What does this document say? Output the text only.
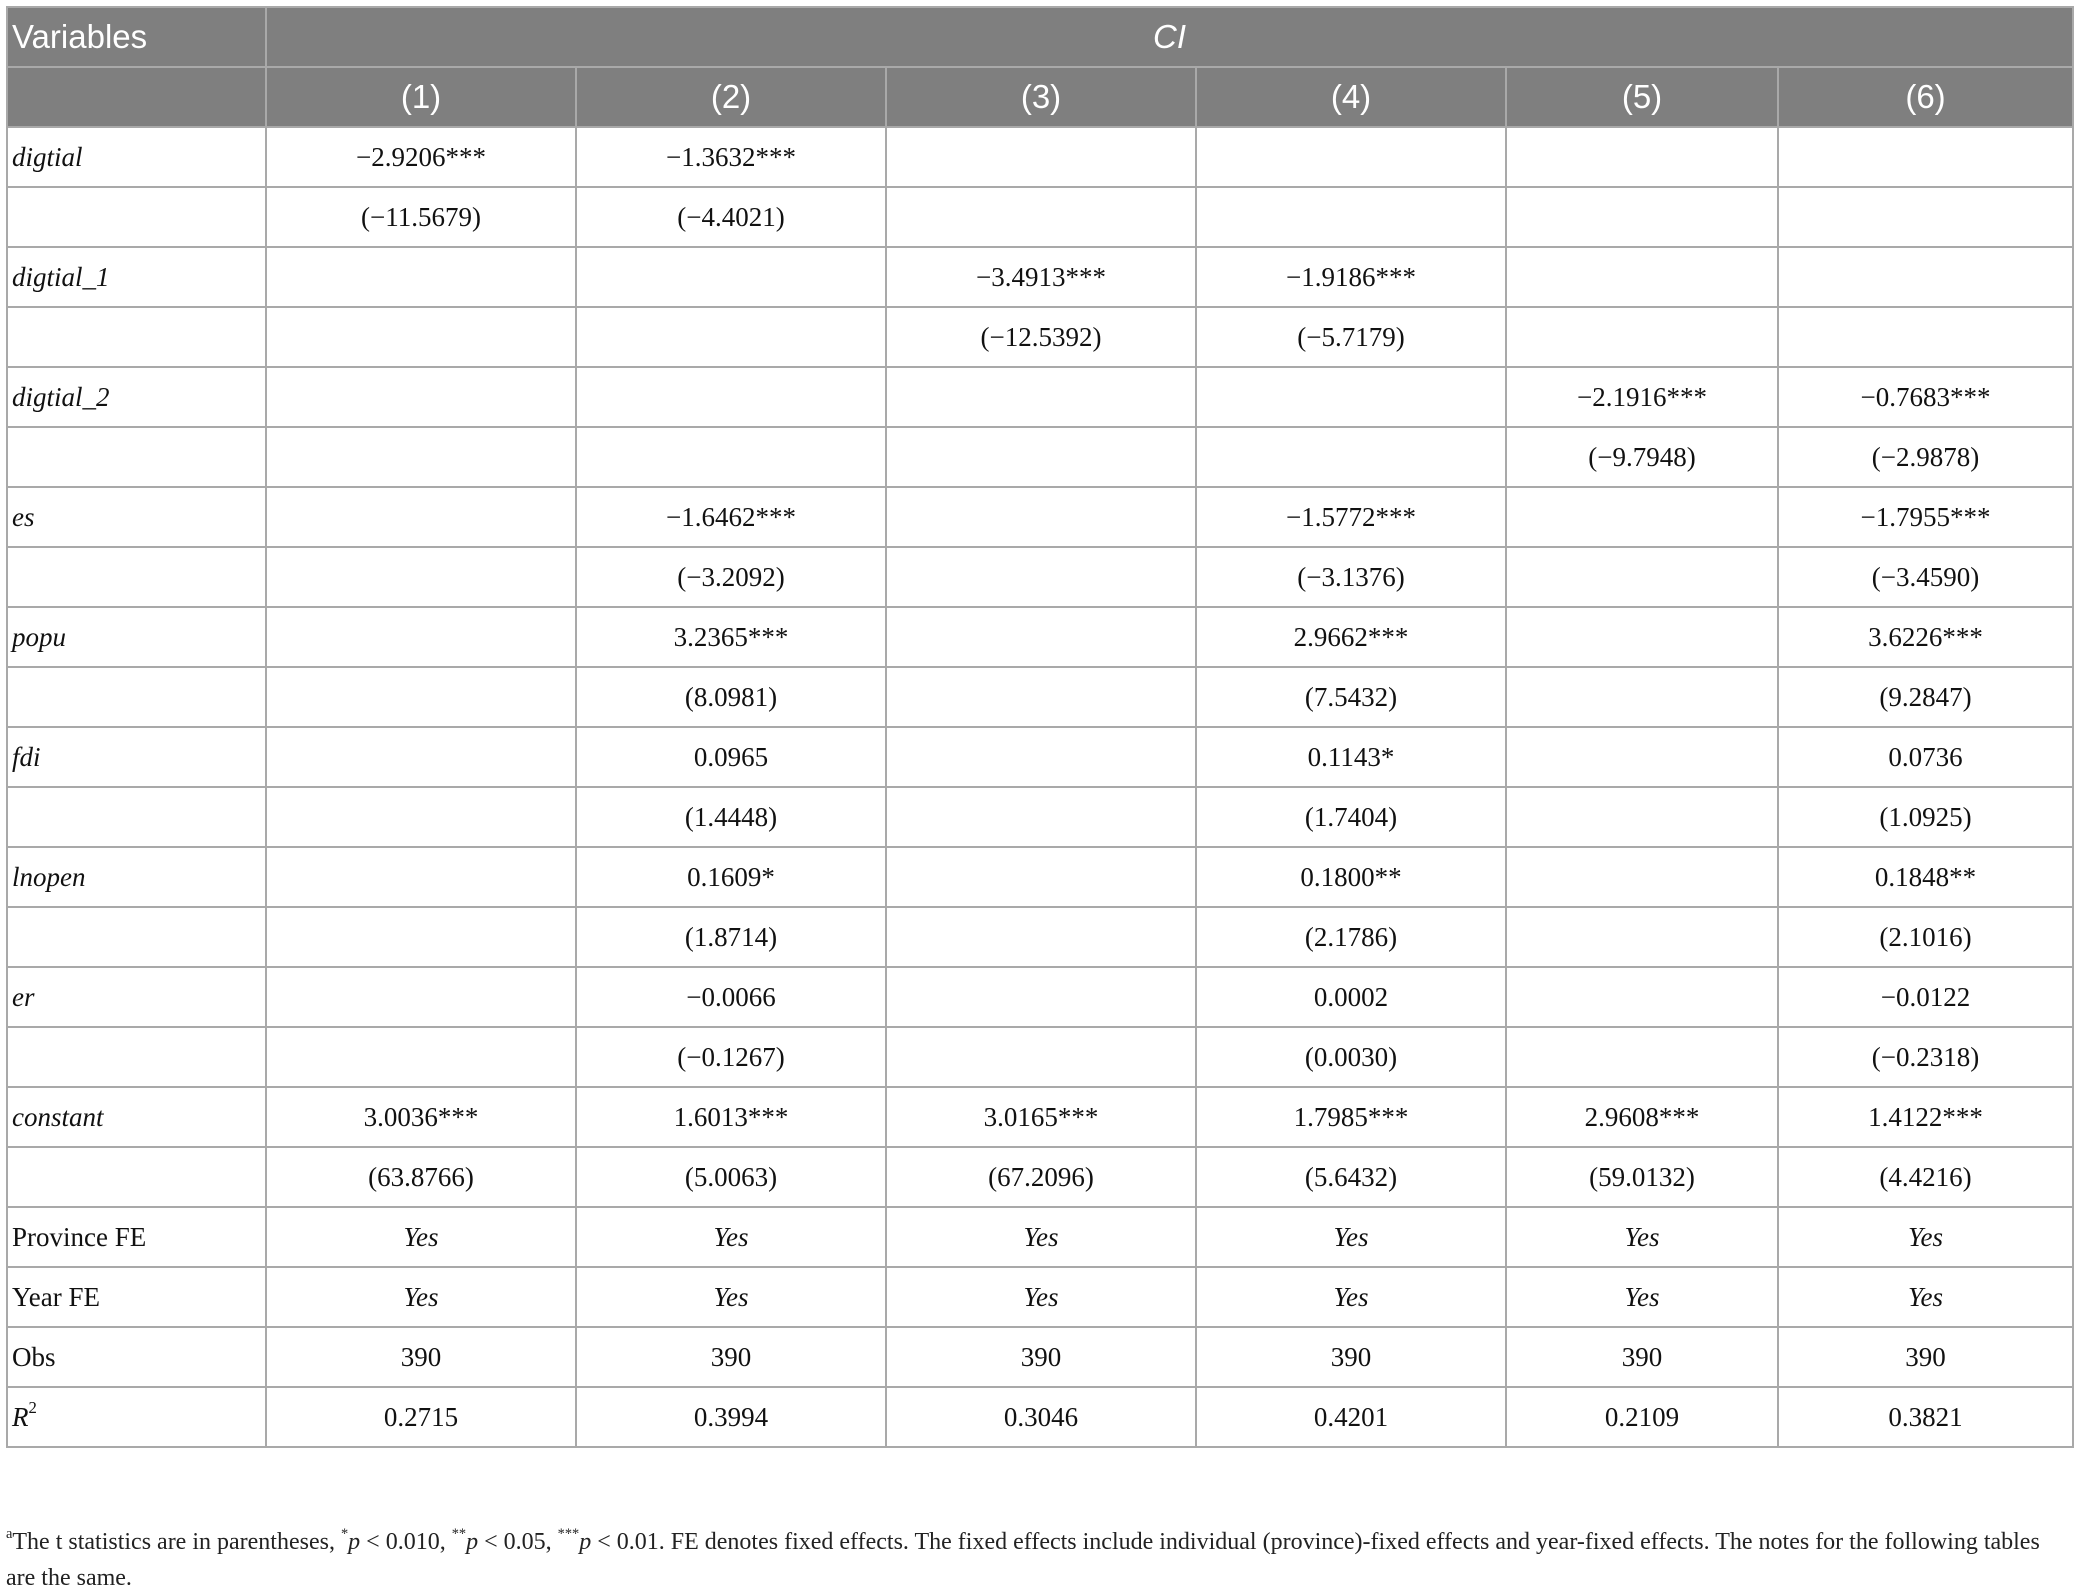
Variables	CI					
	(1)	(2)	(3)	(4)	(5)	(6)
digtial	−2.9206***	−1.3632***				
	(−11.5679)	(−4.4021)				
digtial_1			−3.4913***	−1.9186***		
			(−12.5392)	(−5.7179)		
digtial_2					−2.1916***	−0.7683***
					(−9.7948)	(−2.9878)
es		−1.6462***		−1.5772***		−1.7955***
		(−3.2092)		(−3.1376)		(−3.4590)
popu		3.2365***		2.9662***		3.6226***
		(8.0981)		(7.5432)		(9.2847)
fdi		0.0965		0.1143*		0.0736
		(1.4448)		(1.7404)		(1.0925)
lnopen		0.1609*		0.1800**		0.1848**
		(1.8714)		(2.1786)		(2.1016)
er		−0.0066		0.0002		−0.0122
		(−0.1267)		(0.0030)		(−0.2318)
constant	3.0036***	1.6013***	3.0165***	1.7985***	2.9608***	1.4122***
	(63.8766)	(5.0063)	(67.2096)	(5.6432)	(59.0132)	(4.4216)
Province FE	Yes	Yes	Yes	Yes	Yes	Yes
Year FE	Yes	Yes	Yes	Yes	Yes	Yes
Obs	390	390	390	390	390	390
$R^2$	0.2715	0.3994	0.3046	0.4201	0.2109	0.3821
$^a$The t statistics are in parentheses, *p < 0.010, **p < 0.05, ***p < 0.01. FE denotes fixed effects. The fixed effects include individual (province)-fixed effects and year-fixed effects. The notes for the following tables are the same.
